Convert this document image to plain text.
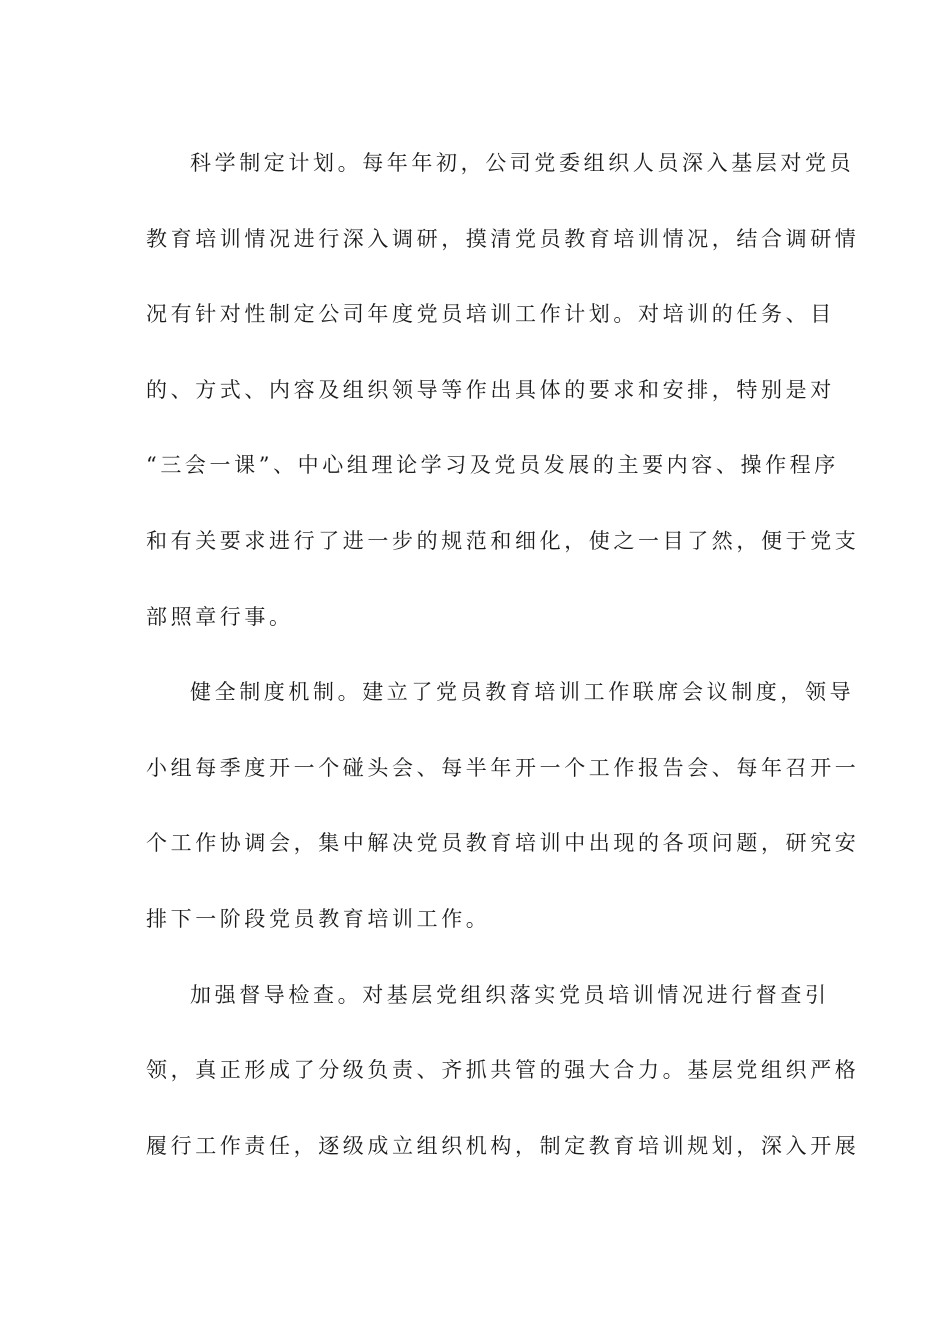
科学制定计划。每年年初，公司党委组织人员深入基层对党员
教育培训情况进行深入调研，摸清党员教育培训情况，结合调研情
况有针对性制定公司年度党员培训工作计划。对培训的任务、目
的、方式、内容及组织领导等作出具体的要求和安排，特别是对
“三会一课”、中心组理论学习及党员发展的主要内容、操作程序
和有关要求进行了进一步的规范和细化，使之一目了然，便于党支
部照章行事。

健全制度机制。建立了党员教育培训工作联席会议制度，领导
小组每季度开一个碰头会、每半年开一个工作报告会、每年召开一
个工作协调会，集中解决党员教育培训中出现的各项问题，研究安
排下一阶段党员教育培训工作。

加强督导检查。对基层党组织落实党员培训情况进行督查引
领，真正形成了分级负责、齐抓共管的强大合力。基层党组织严格
履行工作责任，逐级成立组织机构，制定教育培训规划，深入开展
